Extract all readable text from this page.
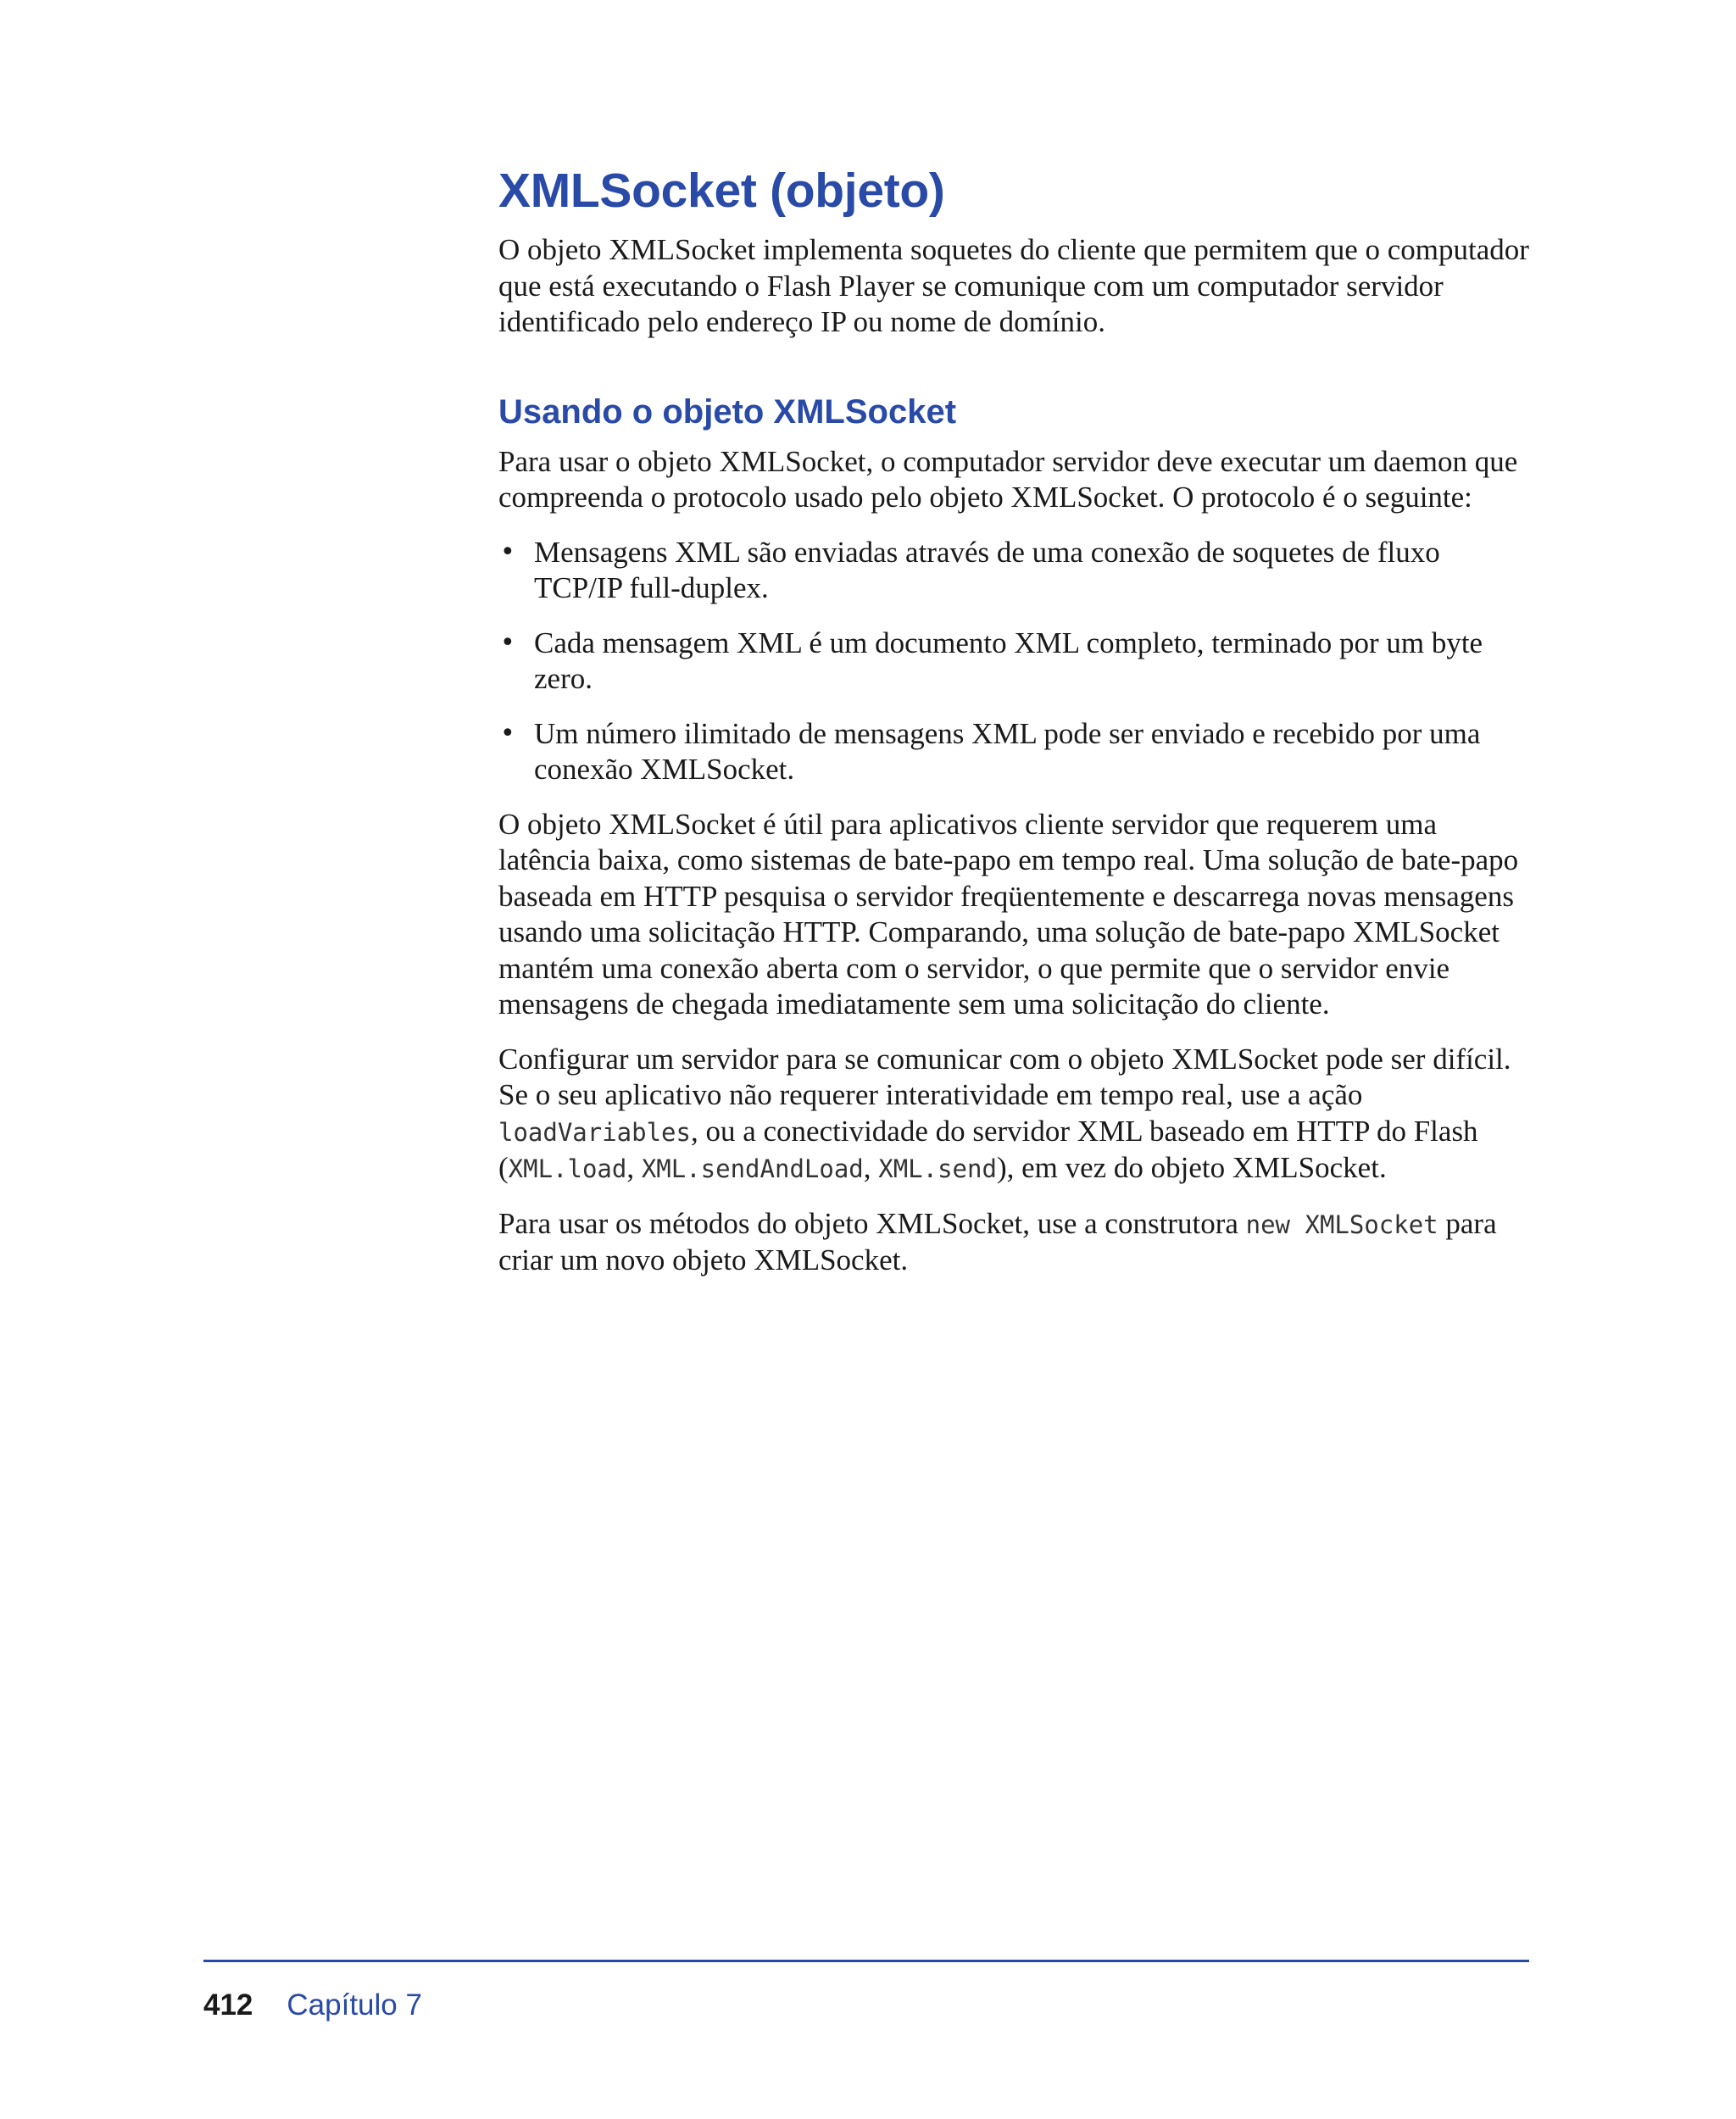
XMLSocket (objeto)

O objeto XMLSocket implementa soquetes do cliente que permitem que o computador que está executando o Flash Player se comunique com um computador servidor identificado pelo endereço IP ou nome de domínio.

Usando o objeto XMLSocket

Para usar o objeto XMLSocket, o computador servidor deve executar um daemon que compreenda o protocolo usado pelo objeto XMLSocket. O protocolo é o seguinte:

• Mensagens XML são enviadas através de uma conexão de soquetes de fluxo TCP/IP full-duplex.
• Cada mensagem XML é um documento XML completo, terminado por um byte zero.
• Um número ilimitado de mensagens XML pode ser enviado e recebido por uma conexão XMLSocket.

O objeto XMLSocket é útil para aplicativos cliente servidor que requerem uma latência baixa, como sistemas de bate-papo em tempo real. Uma solução de bate-papo baseada em HTTP pesquisa o servidor freqüentemente e descarrega novas mensagens usando uma solicitação HTTP. Comparando, uma solução de bate-papo XMLSocket mantém uma conexão aberta com o servidor, o que permite que o servidor envie mensagens de chegada imediatamente sem uma solicitação do cliente.

Configurar um servidor para se comunicar com o objeto XMLSocket pode ser difícil. Se o seu aplicativo não requerer interatividade em tempo real, use a ação loadVariables, ou a conectividade do servidor XML baseado em HTTP do Flash (XML.load, XML.sendAndLoad, XML.send), em vez do objeto XMLSocket.

Para usar os métodos do objeto XMLSocket, use a construtora new XMLSocket para criar um novo objeto XMLSocket.

412 Capítulo 7
